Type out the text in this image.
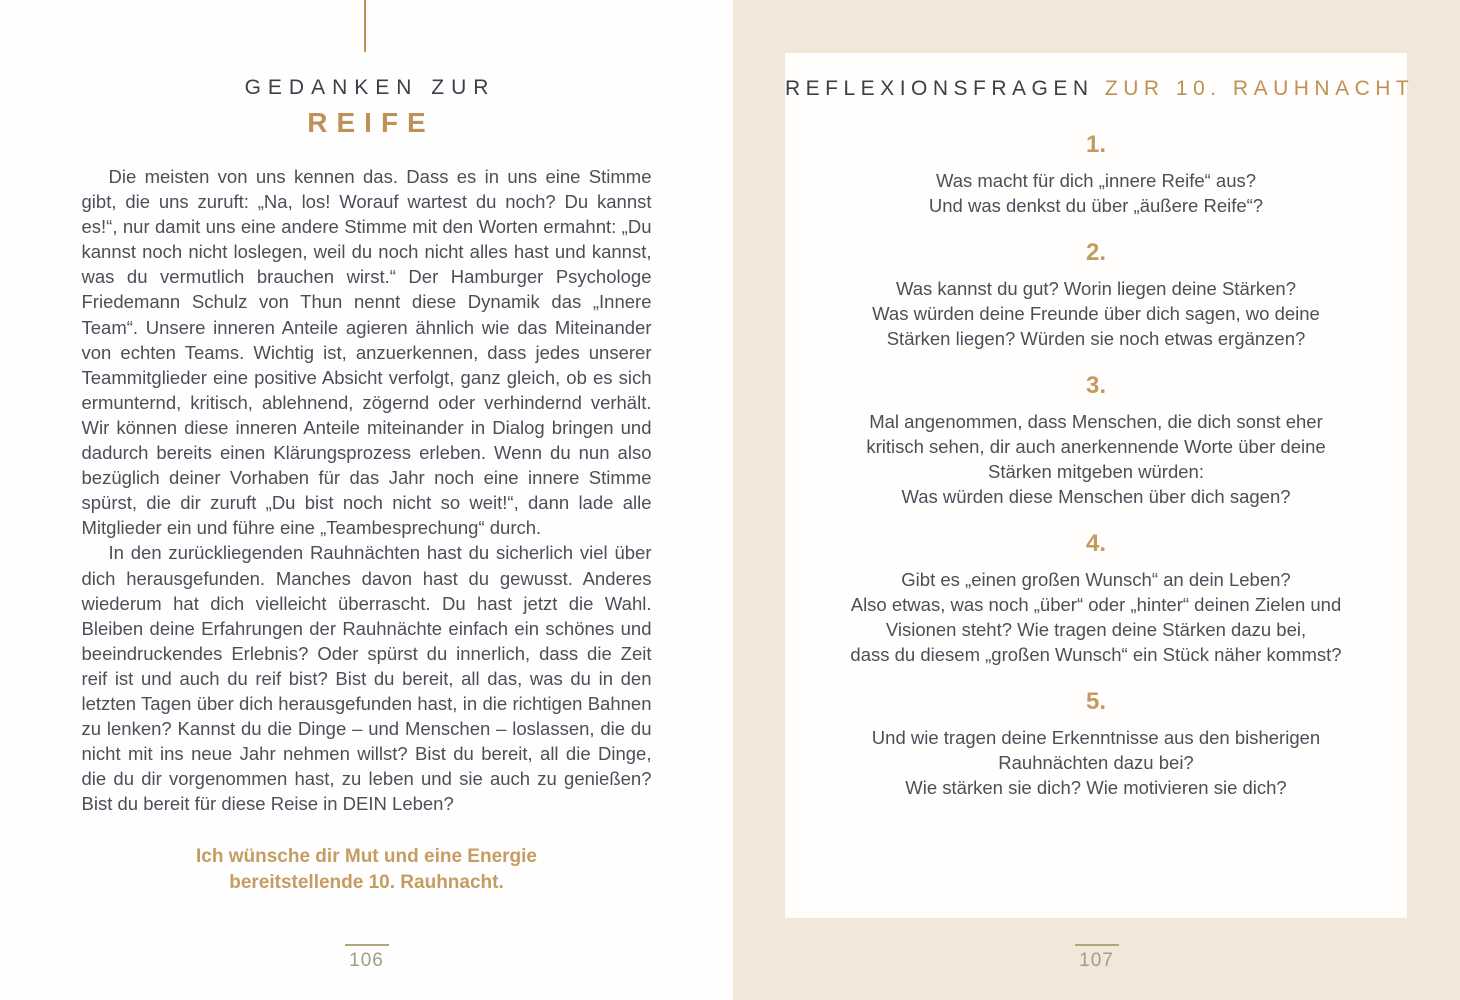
GEDANKEN ZUR
REIFE

Die meisten von uns kennen das. Dass es in uns eine Stimme gibt, die uns zuruft: „Na, los! Worauf wartest du noch? Du kannst es!“, nur damit uns eine andere Stimme mit den Worten ermahnt: „Du kannst noch nicht loslegen, weil du noch nicht alles hast und kannst, was du vermutlich brauchen wirst.“ Der Hamburger Psychologe Friedemann Schulz von Thun nennt diese Dynamik das „Innere Team“. Unsere inneren Anteile agieren ähnlich wie das Miteinander von echten Teams. Wichtig ist, anzuerkennen, dass jedes unserer Teammitglieder eine positive Absicht verfolgt, ganz gleich, ob es sich ermunternd, kritisch, ablehnend, zögernd oder verhindernd verhält. Wir können diese inneren Anteile miteinander in Dialog bringen und dadurch bereits einen Klärungsprozess erleben. Wenn du nun also bezüglich deiner Vorhaben für das Jahr noch eine innere Stimme spürst, die dir zuruft „Du bist noch nicht so weit!“, dann lade alle Mitglieder ein und führe eine „Teambesprechung“ durch.

In den zurückliegenden Rauhnächten hast du sicherlich viel über dich herausgefunden. Manches davon hast du gewusst. Anderes wiederum hat dich vielleicht überrascht. Du hast jetzt die Wahl. Bleiben deine Erfahrungen der Rauhnächte einfach ein schönes und beeindruckendes Erlebnis? Oder spürst du innerlich, dass die Zeit reif ist und auch du reif bist? Bist du bereit, all das, was du in den letzten Tagen über dich herausgefunden hast, in die richtigen Bahnen zu lenken? Kannst du die Dinge – und Menschen – loslassen, die du nicht mit ins neue Jahr nehmen willst? Bist du bereit, all die Dinge, die du dir vorgenommen hast, zu leben und sie auch zu genießen? Bist du bereit für diese Reise in DEIN Leben?

Ich wünsche dir Mut und eine Energie
bereitstellende 10. Rauhnacht.
106
REFLEXIONSFRAGEN ZUR 10. RAUHNACHT
1.
Was macht für dich „innere Reife“ aus?
Und was denkst du über „äußere Reife“?
2.
Was kannst du gut? Worin liegen deine Stärken?
Was würden deine Freunde über dich sagen, wo deine
Stärken liegen? Würden sie noch etwas ergänzen?
3.
Mal angenommen, dass Menschen, die dich sonst eher
kritisch sehen, dir auch anerkennende Worte über deine
Stärken mitgeben würden:
Was würden diese Menschen über dich sagen?
4.
Gibt es „einen großen Wunsch“ an dein Leben?
Also etwas, was noch „über“ oder „hinter“ deinen Zielen und
Visionen steht? Wie tragen deine Stärken dazu bei,
dass du diesem „großen Wunsch“ ein Stück näher kommst?
5.
Und wie tragen deine Erkenntnisse aus den bisherigen
Rauhnächten dazu bei?
Wie stärken sie dich? Wie motivieren sie dich?
107
